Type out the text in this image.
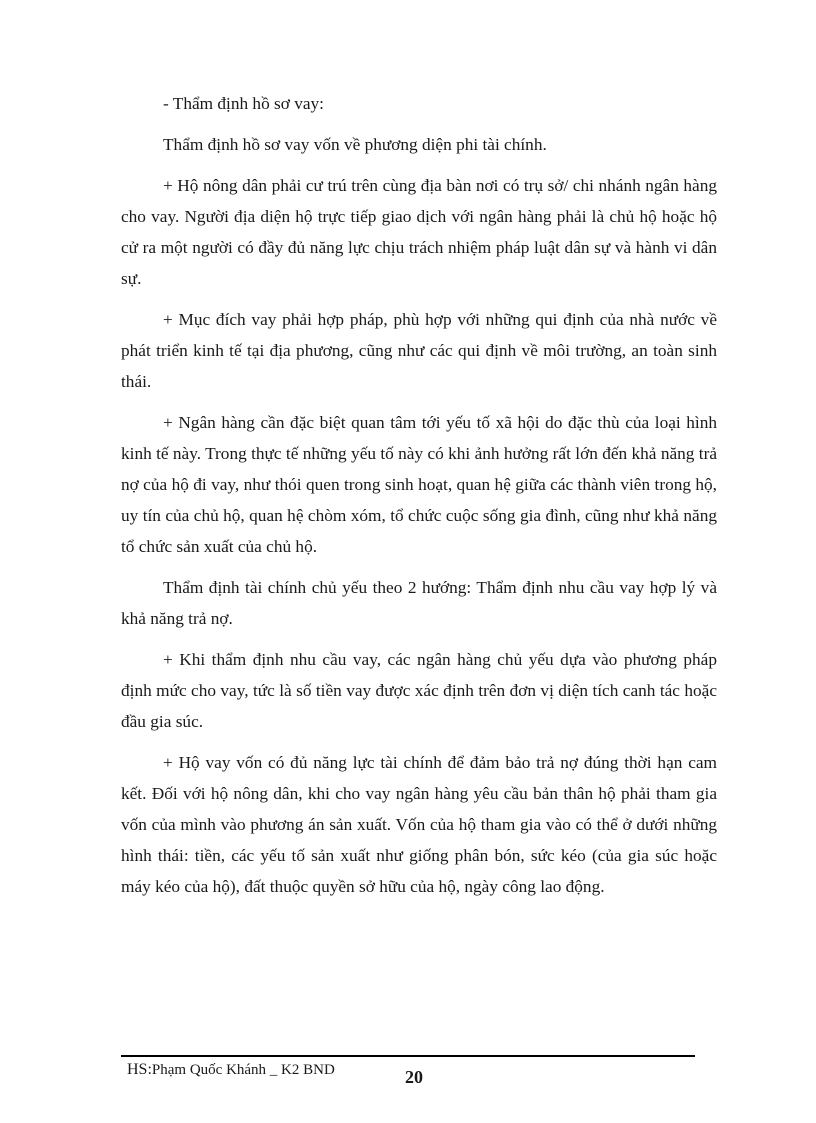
- Thẩm định hồ sơ vay:

Thẩm định hồ sơ vay vốn về phương diện phi tài chính.

+ Hộ nông dân phải cư trú trên cùng địa bàn nơi có trụ sở/ chi nhánh ngân hàng cho vay. Người địa diện hộ trực tiếp giao dịch với ngân hàng phải là chủ hộ hoặc hộ cử ra một người có đầy đủ năng lực chịu trách nhiệm pháp luật dân sự và hành vi dân sự.

+ Mục đích vay phải hợp pháp, phù hợp với những qui định của nhà nước về phát triển kinh tế tại địa phương, cũng như các qui định về môi trường, an toàn sinh thái.

+ Ngân hàng cần đặc biệt quan tâm tới yếu tố xã hội do đặc thù của loại hình kinh tế này. Trong thực tế những yếu tố này có khi ảnh hưởng rất lớn đến khả năng trả nợ của hộ đi vay, như thói quen trong sinh hoạt, quan hệ giữa các thành viên trong hộ, uy tín của chủ hộ, quan hệ chòm xóm, tổ chức cuộc sống gia đình, cũng như khả năng tổ chức sản xuất của chủ hộ.

Thẩm định tài chính chủ yếu theo 2 hướng: Thẩm định nhu cầu vay hợp lý và khả năng trả nợ.

+ Khi thẩm định nhu cầu vay, các ngân hàng chủ yếu dựa vào phương pháp định mức cho vay, tức là số tiền vay được xác định trên đơn vị diện tích canh tác hoặc đầu gia súc.

+ Hộ vay vốn có đủ năng lực tài chính để đảm bảo trả nợ đúng thời hạn cam kết. Đối với hộ nông dân, khi cho vay ngân hàng yêu cầu bản thân hộ phải tham gia vốn của mình vào phương án sản xuất. Vốn của hộ tham gia vào có thể ở dưới những hình thái: tiền, các yếu tố sản xuất như giống phân bón, sức kéo (của gia súc hoặc máy kéo của hộ), đất thuộc quyền sở hữu của hộ, ngày công lao động.

HS:Phạm Quốc Khánh _ K2 BND	20
